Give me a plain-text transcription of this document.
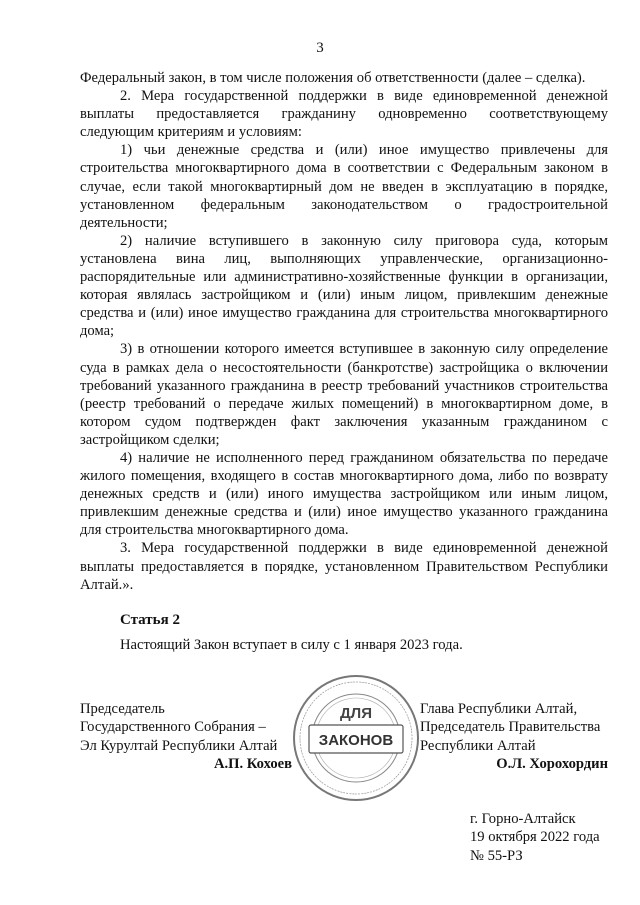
3

Федеральный закон, в том числе положения об ответственности (далее – сделка).

2. Мера государственной поддержки в виде единовременной денежной выплаты предоставляется гражданину одновременно соответствующему следующим критериям и условиям:

1) чьи денежные средства и (или) иное имущество привлечены для строительства многоквартирного дома в соответствии с Федеральным законом в случае, если такой многоквартирный дом не введен в эксплуатацию в порядке, установленном федеральным законодательством о градостроительной деятельности;

2) наличие вступившего в законную силу приговора суда, которым установлена вина лиц, выполняющих управленческие, организационно-распорядительные или административно-хозяйственные функции в организации, которая являлась застройщиком и (или) иным лицом, привлекшим денежные средства и (или) иное имущество гражданина для строительства многоквартирного дома;

3) в отношении которого имеется вступившее в законную силу определение суда в рамках дела о несостоятельности (банкротстве) застройщика о включении требований указанного гражданина в реестр требований участников строительства (реестр требований о передаче жилых помещений) в многоквартирном доме, в котором судом подтвержден факт заключения указанным гражданином с застройщиком сделки;

4) наличие не исполненного перед гражданином обязательства по передаче жилого помещения, входящего в состав многоквартирного дома, либо по возврату денежных средств и (или) иного имущества застройщиком или иным лицом, привлекшим денежные средства и (или) иное имущество указанного гражданина для строительства многоквартирного дома.

3. Мера государственной поддержки в виде единовременной денежной выплаты предоставляется в порядке, установленном Правительством Республики Алтай.».

Статья 2
Настоящий Закон вступает в силу с 1 января 2023 года.
Председатель
Государственного Собрания –
Эл Курултай Республики Алтай
А.П. Кохоев
ДЛЯ
ЗАКОНОВ
Глава Республики Алтай,
Председатель Правительства
Республики Алтай
О.Л. Хорохордин
г. Горно-Алтайск
19 октября 2022 года
№ 55-РЗ
